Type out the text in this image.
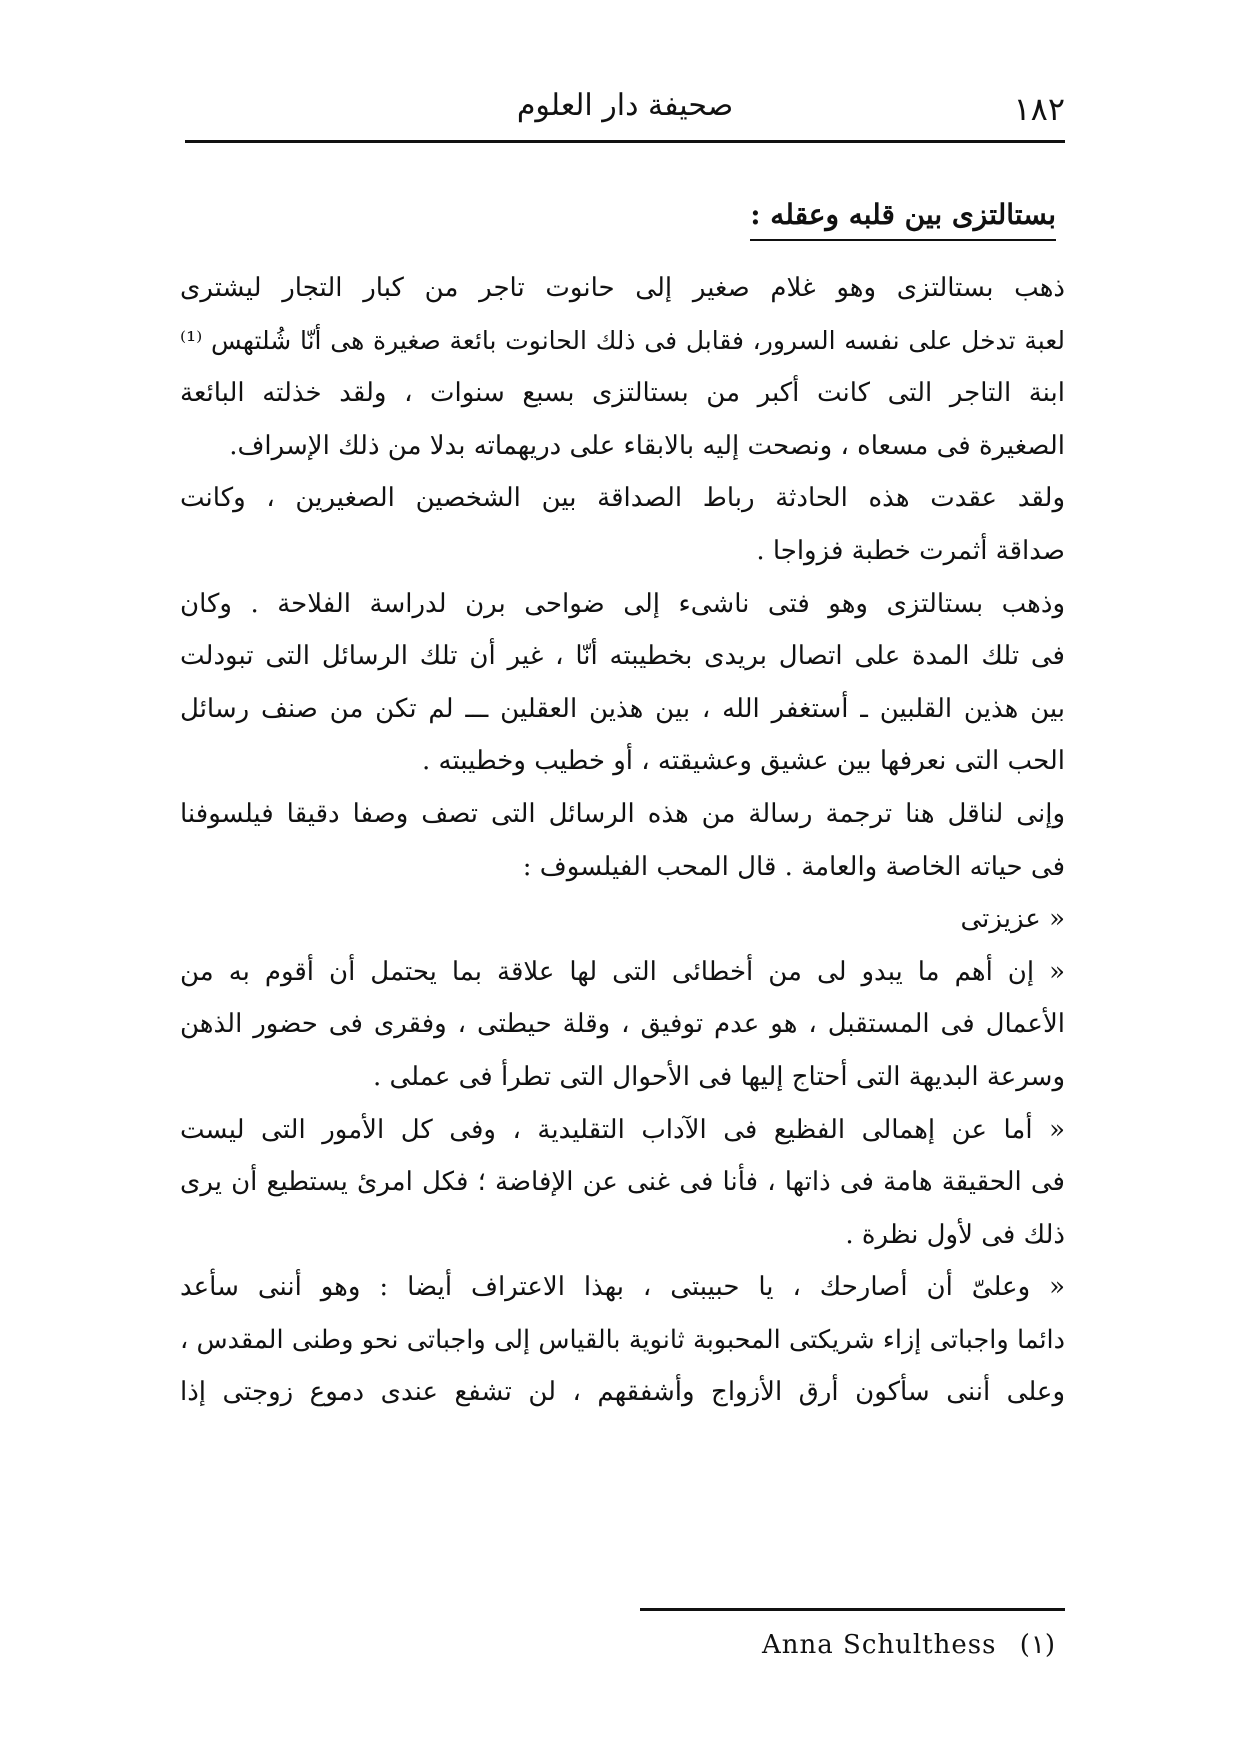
١٨٢
صحيفة دار العلوم
بستالتزی بين قلبه وعقله :
ذهب بستالتزى وهو غلام صغير إلى حانوت تاجر من كبار التجار ليشترى
لعبة تدخل على نفسه السرور، فقابل فى ذلك الحانوت بائعة صغيرة هى أنّا شُلتهس ⁽¹⁾
ابنة التاجر التى كانت أكبر من بستالتزى بسبع سنوات ، ولقد خذلته البائعة
الصغيرة فى مسعاه ، ونصحت إليه بالابقاء على دريهماته بدلا من ذلك الإسراف.
ولقد عقدت هذه الحادثة رباط الصداقة بين الشخصين الصغيرين ، وكانت
صداقة أثمرت خطبة فزواجا .
وذهب بستالتزى وهو فتى ناشىء إلى ضواحى برن لدراسة الفلاحة . وكان
فى تلك المدة على اتصال بريدى بخطيبته أنّا ، غير أن تلك الرسائل التى تبودلت
بين هذين القلبين ـ أستغفر الله ، بين هذين العقلين ـــ لم تكن من صنف رسائل
الحب التى نعرفها بين عشيق وعشيقته ، أو خطيب وخطيبته .
وإنى لناقل هنا ترجمة رسالة من هذه الرسائل التى تصف وصفا دقيقا فيلسوفنا
فى حياته الخاصة والعامة . قال المحب الفيلسوف :
« عزيزتى
« إن أهم ما يبدو لى من أخطائى التى لها علاقة بما يحتمل أن أقوم به من
الأعمال فى المستقبل ، هو عدم توفيق ، وقلة حيطتى ، وفقرى فى حضور الذهن
وسرعة البديهة التى أحتاج إليها فى الأحوال التى تطرأ فى عملى .
« أما عن إهمالى الفظيع فى الآداب التقليدية ، وفى كل الأمور التى ليست
فى الحقيقة هامة فى ذاتها ، فأنا فى غنى عن الإفاضة ؛ فكل امرئ يستطيع أن يرى
ذلك فى لأول نظرة .
« وعلىّ أن أصارحك ، يا حبيبتى ، بهذا الاعتراف أيضا : وهو أننى سأعد
دائما واجباتى إزاء شريكتى المحبوبة ثانوية بالقياس إلى واجباتى نحو وطنى المقدس ،
وعلى أننى سأكون أرق الأزواج وأشفقهم ، لن تشفع عندى دموع زوجتى إذا
Anna Schulthess (١)
